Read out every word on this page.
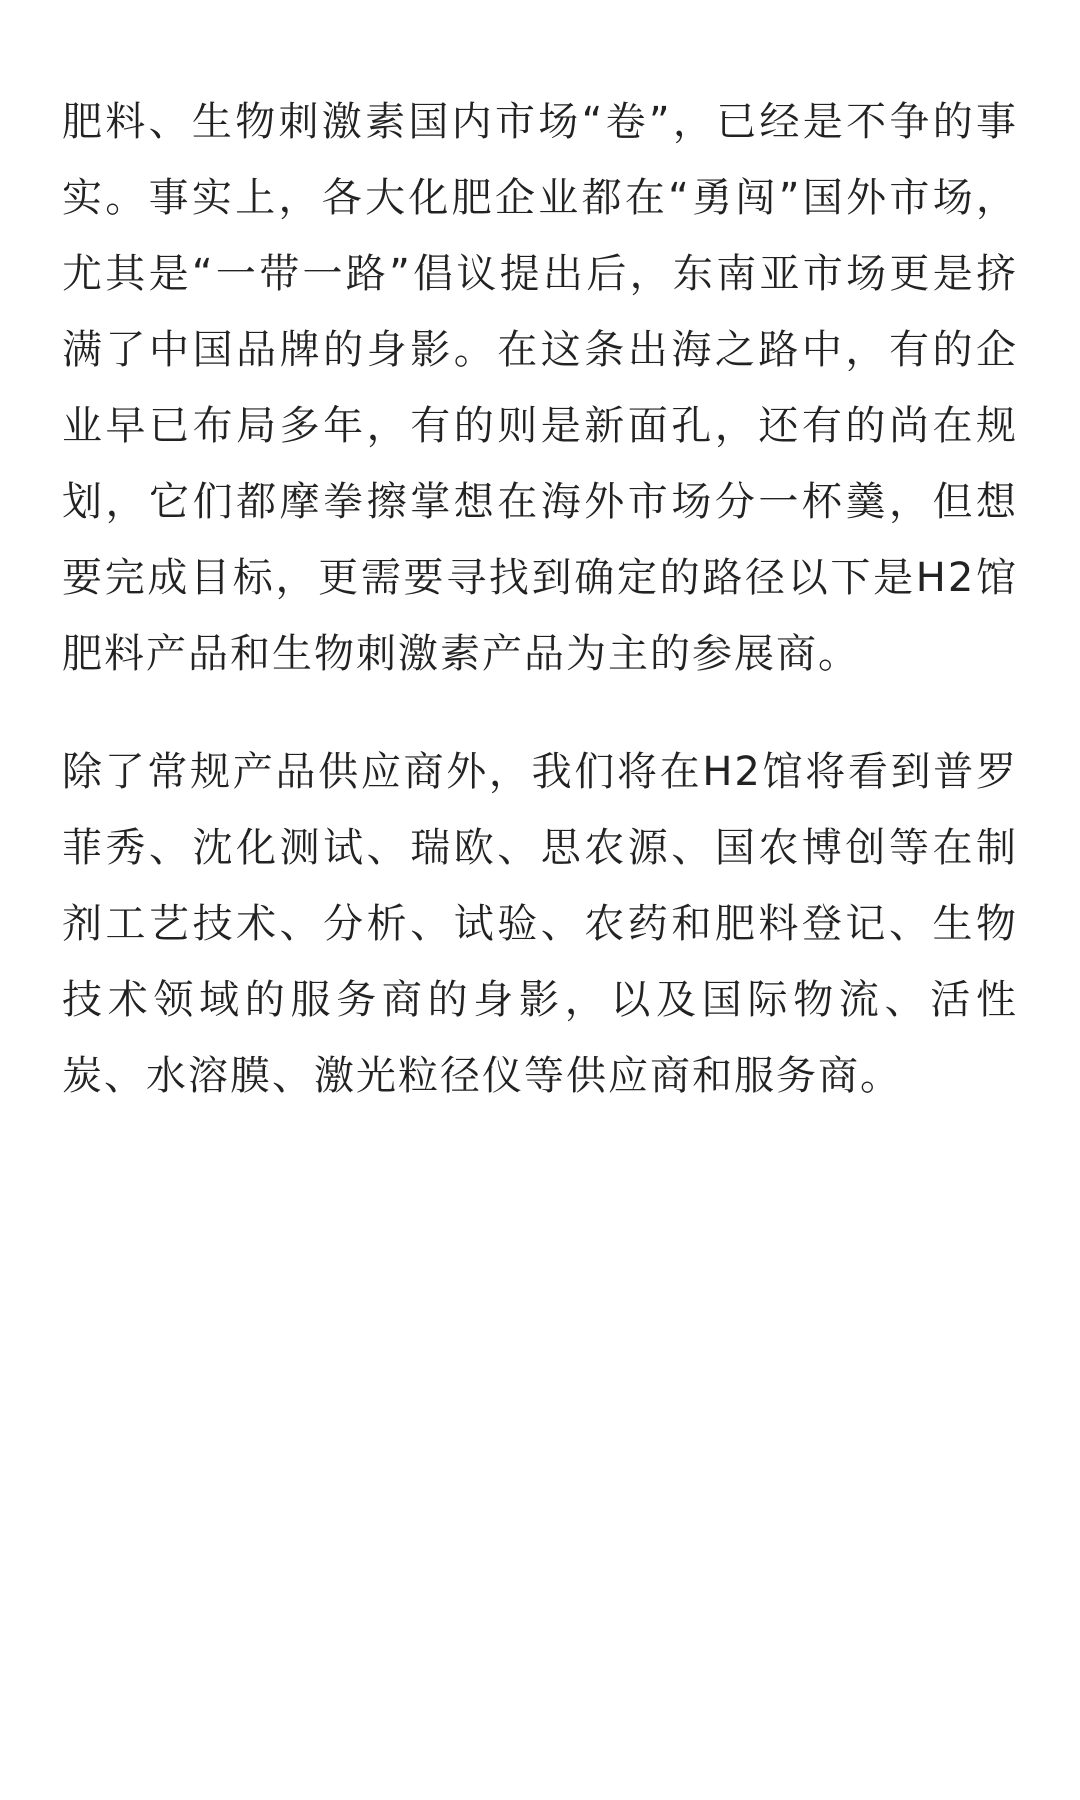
肥料、生物刺激素国内市场“卷”，已经是不争的事实。事实上，各大化肥企业都在“勇闯”国外市场，尤其是“一带一路”倡议提出后，东南亚市场更是挤满了中国品牌的身影。在这条出海之路中，有的企业早已布局多年，有的则是新面孔，还有的尚在规划，它们都摩拳擦掌想在海外市场分一杯羹，但想要完成目标，更需要寻找到确定的路径以下是H2馆肥料产品和生物刺激素产品为主的参展商。

除了常规产品供应商外，我们将在H2馆将看到普罗菲秀、沈化测试、瑞欧、思农源、国农博创等在制剂工艺技术、分析、试验、农药和肥料登记、生物技术领域的服务商的身影，以及国际物流、活性炭、水溶膜、激光粒径仪等供应商和服务商。
